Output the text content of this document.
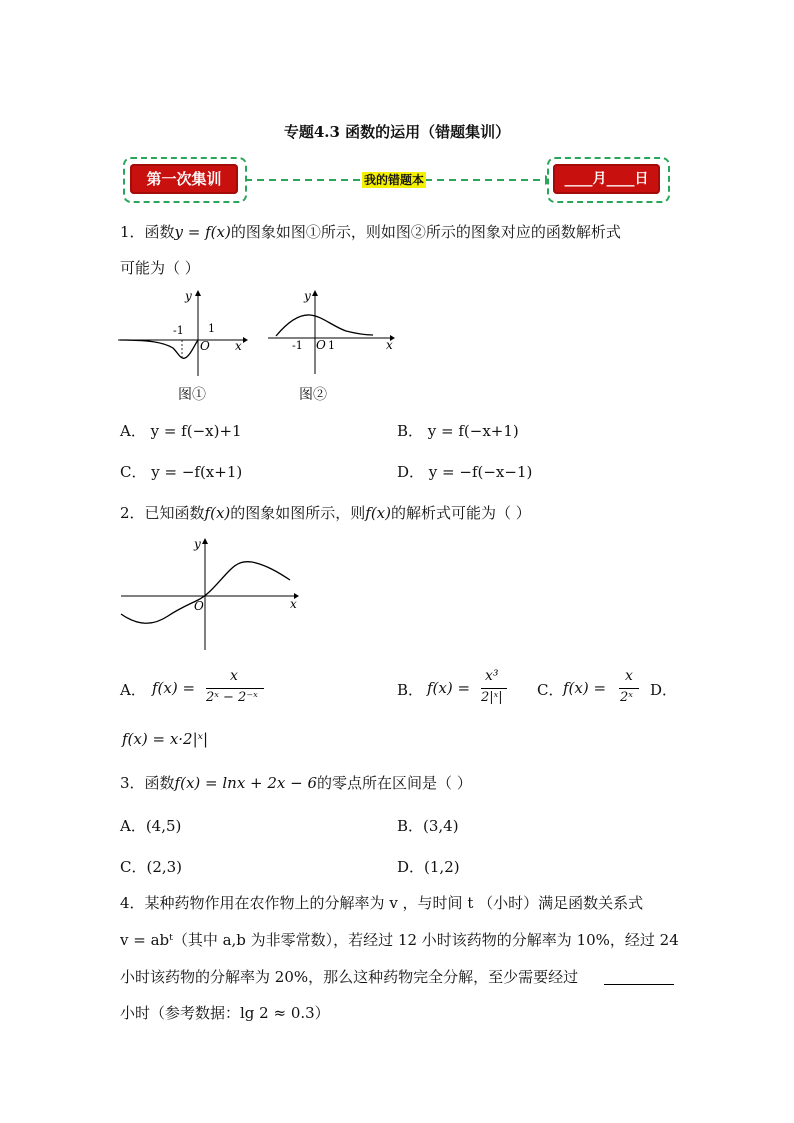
专题4.3 函数的运用（错题集训）
第一次集训	我的错题本	____月____日
1．函数y = f(x)的图象如图①所示，则如图②所示的图象对应的函数解析式
可能为（ ）
-1 1
O x
y
图①
-1 O 1	x
y
图②
A． y = f(−x)+1	B． y = f(−x+1)
C． y = −f(x+1)	D． y = −f(−x−1)
2．已知函数f(x)的图象如图所示，则f(x)的解析式可能为（ ）
O	x
y
A． f(x) =
x
2ˣ − 2⁻ˣ	B． f(x) =
x³
2|ˣ| C． f(x) =
x
2ˣ D．
f(x) = x·2|ˣ|
3．函数f(x) = lnx + 2x − 6的零点所在区间是（ ）
A．(4,5)	B．(3,4)
C．(2,3)	D．(1,2)
4．某种药物作用在农作物上的分解率为 v ，与时间 t （小时）满足函数关系式
v = abᵗ（其中 a,b 为非零常数），若经过 12 小时该药物的分解率为 10%，经过 24
小时该药物的分解率为 20%，那么这种药物完全分解，至少需要经过
小时（参考数据：lg 2 ≈ 0.3）
